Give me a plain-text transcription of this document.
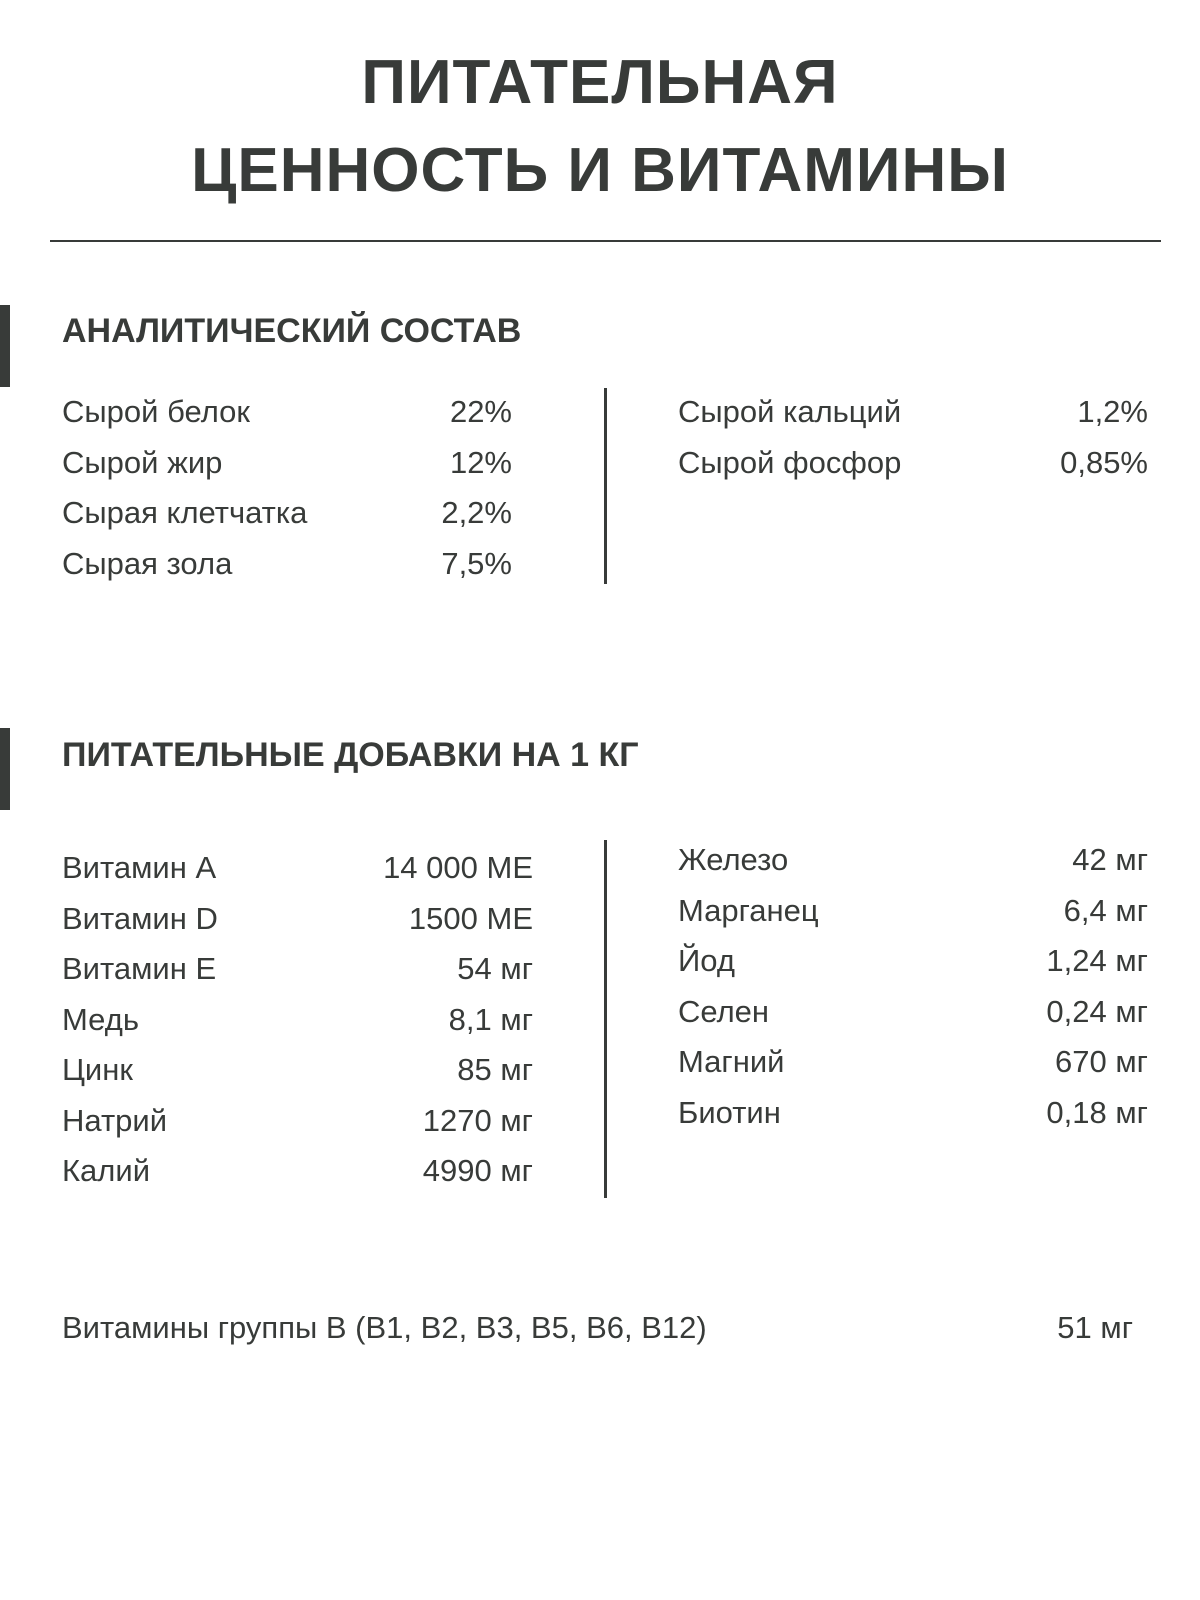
ПИТАТЕЛЬНАЯ
ЦЕННОСТЬ И ВИТАМИНЫ
АНАЛИТИЧЕСКИЙ СОСТАВ
Сырой белок	22%
Сырой жир	12%
Сырая клетчатка	2,2%
Сырая зола	7,5%
Сырой кальций	1,2%
Сырой фосфор	0,85%
ПИТАТЕЛЬНЫЕ ДОБАВКИ НА 1 КГ
Витамин А	14 000 МЕ
Витамин D	1500 МЕ
Витамин Е	54 мг
Медь	8,1 мг
Цинк	85 мг
Натрий	1270 мг
Калий	4990 мг
Железо	42 мг
Марганец	6,4 мг
Йод	1,24 мг
Селен	0,24 мг
Магний	670 мг
Биотин	0,18 мг
Витамины группы B (B1, B2, B3, B5, B6, B12)	51 мг
